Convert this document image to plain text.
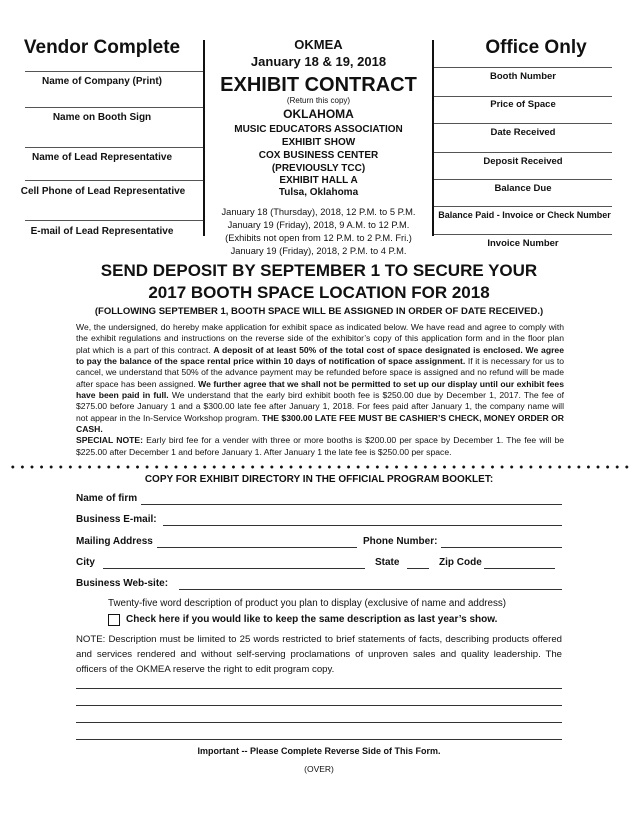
Vendor Complete
Name of Company (Print)
Name on Booth Sign
Name of Lead Representative
Cell Phone of Lead Representative
E-mail of Lead Representative
OKMEA
January 18 & 19, 2018
EXHIBIT CONTRACT
(Return this copy)
OKLAHOMA
MUSIC EDUCATORS ASSOCIATION
EXHIBIT SHOW
COX BUSINESS CENTER
(PREVIOUSLY TCC)
EXHIBIT HALL A
Tulsa, Oklahoma
January 18 (Thursday), 2018, 12 P.M. to 5 P.M.
January 19 (Friday), 2018, 9 A.M. to 12 P.M.
(Exhibits not open from 12 P.M. to 2 P.M. Fri.)
January 19 (Friday), 2018, 2 P.M. to 4 P.M.
Office Only
Booth Number
Price of Space
Date Received
Deposit Received
Balance Due
Balance Paid - Invoice or Check Number
Invoice Number
SEND DEPOSIT BY SEPTEMBER 1 TO SECURE YOUR
2017 BOOTH SPACE LOCATION FOR 2018
(FOLLOWING SEPTEMBER 1, BOOTH SPACE WILL BE ASSIGNED IN ORDER OF DATE RECEIVED.)
We, the undersigned, do hereby make application for exhibit space as indicated below. We have read and agree to comply with the exhibit regulations and instructions on the reverse side of the exhibitor’s copy of this application form and in the floor plan plat which is a part of this contract. A deposit of at least 50% of the total cost of space designated is enclosed. We agree to pay the balance of the space rental price within 10 days of notification of space assignment. If it is necessary for us to cancel, we understand that 50% of the advance payment may be refunded before space is assigned and no refund will be made after space has been assigned. We further agree that we shall not be permitted to set up our display until our exhibit fees have been paid in full. We understand that the early bird exhibit booth fee is $250.00 due by December 1, 2017. The fee of $275.00 before January 1 and a $300.00 late fee after January 1, 2018. For fees paid after January 1, the company name will not appear in the In-Service Workshop program. THE $300.00 LATE FEE MUST BE CASHIER’S CHECK, MONEY ORDER OR CASH.
SPECIAL NOTE: Early bird fee for a vender with three or more booths is $200.00 per space by December 1. The fee will be $225.00 after December 1 and before January 1. After January 1 the late fee is $250.00 per space.
COPY FOR EXHIBIT DIRECTORY IN THE OFFICIAL PROGRAM BOOKLET:
Name of firm
Business E-mail:
Mailing Address	Phone Number:
City	State	Zip Code
Business Web-site:
Twenty-five word description of product you plan to display (exclusive of name and address)
Check here if you would like to keep the same description as last year’s show.
NOTE: Description must be limited to 25 words restricted to brief statements of facts, describing products offered and services rendered and without self-serving proclamations of unproven sales and quality leadership. The officers of the OKMEA reserve the right to edit program copy.
Important -- Please Complete Reverse Side of This Form.
(OVER)
